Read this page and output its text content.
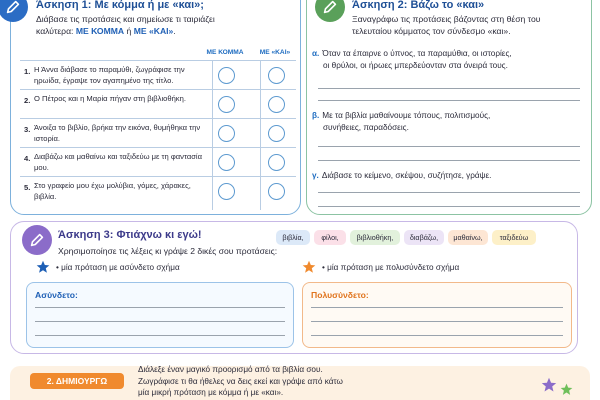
Άσκηση 1: Με κόμμα ή με «και»;
Διάβασε τις προτάσεις και σημείωσε τι ταιριάζει
καλύτερα: ΜΕ ΚΟΜΜΑ ή ΜΕ «ΚΑΙ».
ΜΕ ΚΟΜΜΑ	ΜΕ «ΚΑΙ»
1. Η Άννα διάβασε το παραμύθι, ζωγράφισε την ηρωίδα, έγραψε τον αγαπημένο της τίτλο.
2. Ο Πέτρος και η Μαρία πήγαν στη βιβλιοθήκη.
3. Άνοιξα το βιβλίο, βρήκα την εικόνα, θυμήθηκα την ιστορία.
4. Διαβάζω και μαθαίνω και ταξιδεύω με τη φαντασία μου.
5. Στο γραφείο μου έχω μολύβια, γόμες, χάρακες, βιβλία.
Άσκηση 2: Βάζω το «και»
Ξαναγράφω τις προτάσεις βάζοντας στη θέση του
τελευταίου κόμματος τον σύνδεσμο «και».
α. Όταν τα έπαιρνε ο ύπνος, τα παραμύθια, οι ιστορίες,
οι θρύλοι, οι ήρωες μπερδεύονταν στα όνειρά τους.
β. Με τα βιβλία μαθαίνουμε τόπους, πολιτισμούς,
συνήθειες, παραδόσεις.
γ. Διάβασε το κείμενο, σκέψου, συζήτησε, γράψε.
Άσκηση 3: Φτιάχνω κι εγώ!
Χρησιμοποίησε τις λέξεις κι γράψε 2 δικές σου προτάσεις:
βιβλία,	φίλοι,	βιβλιοθήκη,	διαβάζω,	μαθαίνω,	ταξιδεύω
• μία πρόταση με ασύνδετο σχήμα	• μία πρόταση με πολυσύνδετο σχήμα
Ασύνδετο:	Πολυσύνδετο:
2. ΔΗΜΙΟΥΡΓΩ
Διάλεξε έναν μαγικό προορισμό από τα βιβλία σου.
Ζωγράφισε τι θα ήθελες να δεις εκεί και γράψε από κάτω
μία μικρή πρόταση με κόμμα ή με «και».
